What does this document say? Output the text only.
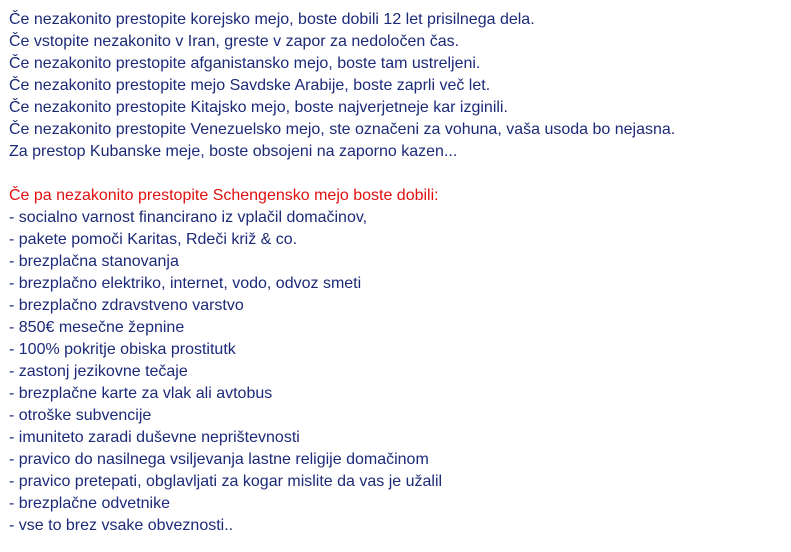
Če nezakonito prestopite korejsko mejo, boste dobili 12 let prisilnega dela.
Če vstopite nezakonito v Iran, greste v zapor za nedoločen čas.
Če nezakonito prestopite afganistansko mejo, boste tam ustreljeni.
Če nezakonito prestopite mejo Savdske Arabije, boste zaprli več let.
Če nezakonito prestopite Kitajsko mejo, boste najverjetneje kar izginili.
Če nezakonito prestopite Venezuelsko mejo, ste označeni za vohuna, vaša usoda bo nejasna.
Za prestop Kubanske meje, boste obsojeni na zaporno kazen...
Če pa nezakonito prestopite Schengensko mejo boste dobili:
- socialno varnost financirano iz vplačil domačinov,
- pakete pomoči Karitas, Rdeči križ & co.
- brezplačna stanovanja
- brezplačno elektriko, internet, vodo, odvoz smeti
- brezplačno zdravstveno varstvo
- 850€ mesečne žepnine
- 100% pokritje obiska prostitutk
- zastonj jezikovne tečaje
- brezplačne karte za vlak ali avtobus
- otroške subvencije
- imuniteto zaradi duševne neprištevnosti
- pravico do nasilnega vsiljevanja lastne religije domačinom
- pravico pretepati, obglavljati za kogar mislite da vas je užalil
- brezplačne odvetnike
- vse to brez vsake obveznosti..
